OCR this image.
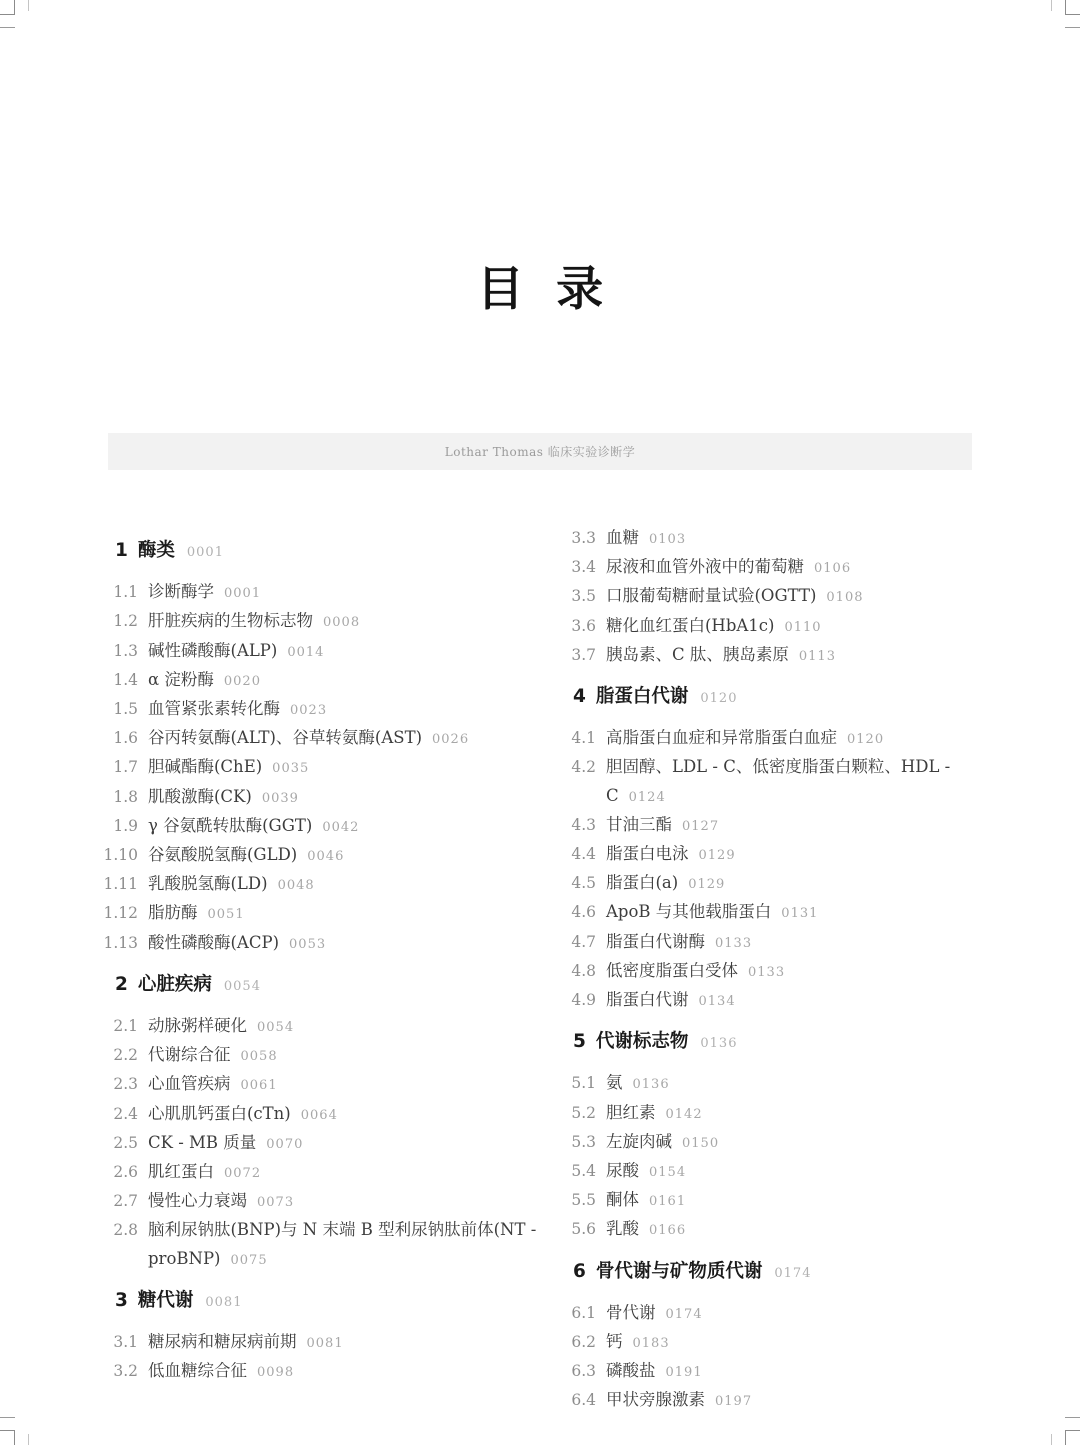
目 录
Lothar Thomas 临床实验诊断学
1 酶类 0001
1.1 诊断酶学 0001
1.2 肝脏疾病的生物标志物 0008
1.3 碱性磷酸酶(ALP) 0014
1.4 α 淀粉酶 0020
1.5 血管紧张素转化酶 0023
1.6 谷丙转氨酶(ALT)、谷草转氨酶(AST) 0026
1.7 胆碱酯酶(ChE) 0035
1.8 肌酸激酶(CK) 0039
1.9 γ 谷氨酰转肽酶(GGT) 0042
1.10 谷氨酸脱氢酶(GLD) 0046
1.11 乳酸脱氢酶(LD) 0048
1.12 脂肪酶 0051
1.13 酸性磷酸酶(ACP) 0053
2 心脏疾病 0054
2.1 动脉粥样硬化 0054
2.2 代谢综合征 0058
2.3 心血管疾病 0061
2.4 心肌肌钙蛋白(cTn) 0064
2.5 CK - MB 质量 0070
2.6 肌红蛋白 0072
2.7 慢性心力衰竭 0073
2.8 脑利尿钠肽(BNP)与 N 末端 B 型利尿钠肽前体(NT - proBNP) 0075
3 糖代谢 0081
3.1 糖尿病和糖尿病前期 0081
3.2 低血糖综合征 0098
3.3 血糖 0103
3.4 尿液和血管外液中的葡萄糖 0106
3.5 口服葡萄糖耐量试验(OGTT) 0108
3.6 糖化血红蛋白(HbA1c) 0110
3.7 胰岛素、C 肽、胰岛素原 0113
4 脂蛋白代谢 0120
4.1 高脂蛋白血症和异常脂蛋白血症 0120
4.2 胆固醇、LDL - C、低密度脂蛋白颗粒、HDL - C 0124
4.3 甘油三酯 0127
4.4 脂蛋白电泳 0129
4.5 脂蛋白(a) 0129
4.6 ApoB 与其他载脂蛋白 0131
4.7 脂蛋白代谢酶 0133
4.8 低密度脂蛋白受体 0133
4.9 脂蛋白代谢 0134
5 代谢标志物 0136
5.1 氨 0136
5.2 胆红素 0142
5.3 左旋肉碱 0150
5.4 尿酸 0154
5.5 酮体 0161
5.6 乳酸 0166
6 骨代谢与矿物质代谢 0174
6.1 骨代谢 0174
6.2 钙 0183
6.3 磷酸盐 0191
6.4 甲状旁腺激素 0197
